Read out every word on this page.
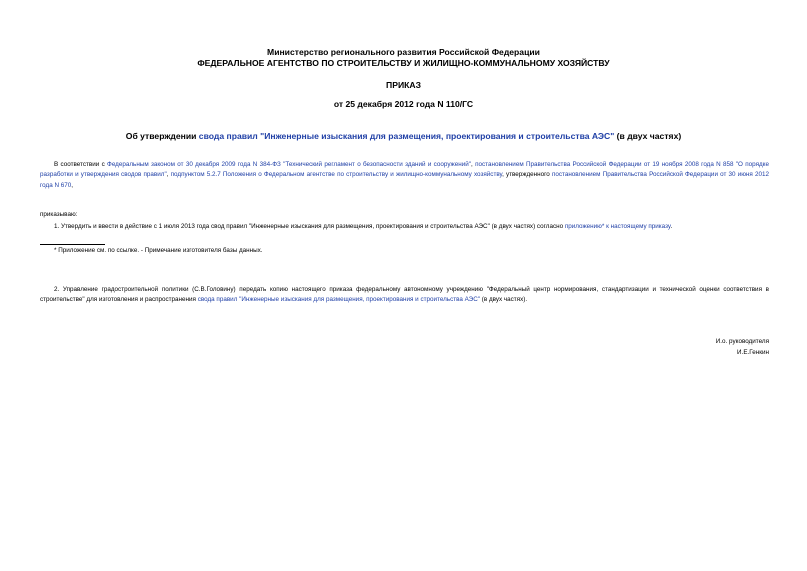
Министерство регионального развития Российской Федерации
ФЕДЕРАЛЬНОЕ АГЕНТСТВО ПО СТРОИТЕЛЬСТВУ И ЖИЛИЩНО-КОММУНАЛЬНОМУ ХОЗЯЙСТВУ
ПРИКАЗ
от 25 декабря 2012 года N 110/ГС
Об утверждении свода правил "Инженерные изыскания для размещения, проектирования и строительства АЭС" (в двух частях)
В соответствии с Федеральным законом от 30 декабря 2009 года N 384-ФЗ "Технический регламент о безопасности зданий и сооружений", постановлением Правительства Российской Федерации от 19 ноября 2008 года N 858 "О порядке разработки и утверждения сводов правил", подпунктом 5.2.7 Положения о Федеральном агентстве по строительству и жилищно-коммунальному хозяйству, утвержденного постановлением Правительства Российской Федерации от 30 июня 2012 года N 670,
приказываю:
1. Утвердить и ввести в действие с 1 июля 2013 года свод правил "Инженерные изыскания для размещения, проектирования и строительства АЭС" (в двух частях) согласно приложению* к настоящему приказу.
* Приложение см. по ссылке. - Примечание изготовителя базы данных.
2. Управление градостроительной политики (С.В.Головину) передать копию настоящего приказа федеральному автономному учреждению "Федеральный центр нормирования, стандартизации и технической оценки соответствия в строительстве" для изготовления и распространения свода правил "Инженерные изыскания для размещения, проектирования и строительства АЭС" (в двух частях).
И.о. руководителя
И.Е.Генкин
